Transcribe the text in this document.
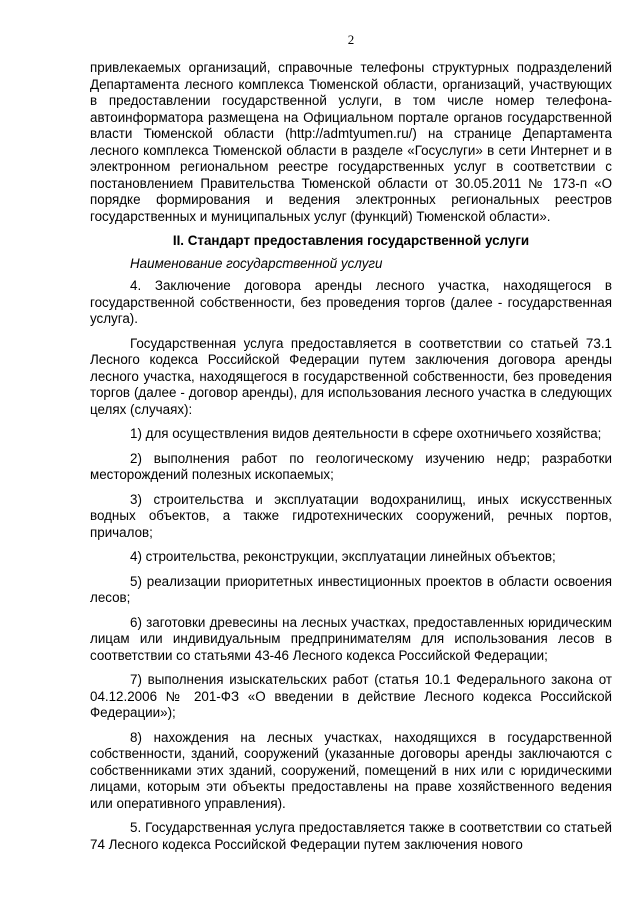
2

привлекаемых организаций, справочные телефоны структурных подразделений Департамента лесного комплекса Тюменской области, организаций, участвующих в предоставлении государственной услуги, в том числе номер телефона-автоинформатора размещена на Официальном портале органов государственной власти Тюменской области (http://admtyumen.ru/) на странице Департамента лесного комплекса Тюменской области в разделе «Госуслуги» в сети Интернет и в электронном региональном реестре государственных услуг в соответствии с постановлением Правительства Тюменской области от 30.05.2011 № 173-п «О порядке формирования и ведения электронных региональных реестров государственных и муниципальных услуг (функций) Тюменской области».

II. Стандарт предоставления государственной услуги
Наименование государственной услуги

4. Заключение договора аренды лесного участка, находящегося в государственной собственности, без проведения торгов (далее - государственная услуга).

Государственная услуга предоставляется в соответствии со статьей 73.1 Лесного кодекса Российской Федерации путем заключения договора аренды лесного участка, находящегося в государственной собственности, без проведения торгов (далее - договор аренды), для использования лесного участка в следующих целях (случаях):

1) для осуществления видов деятельности в сфере охотничьего хозяйства;

2) выполнения работ по геологическому изучению недр; разработки месторождений полезных ископаемых;

3) строительства и эксплуатации водохранилищ, иных искусственных водных объектов, а также гидротехнических сооружений, речных портов, причалов;

4) строительства, реконструкции, эксплуатации линейных объектов;

5) реализации приоритетных инвестиционных проектов в области освоения лесов;

6) заготовки древесины на лесных участках, предоставленных юридическим лицам или индивидуальным предпринимателям для использования лесов в соответствии со статьями 43-46 Лесного кодекса Российской Федерации;

7) выполнения изыскательских работ (статья 10.1 Федерального закона от 04.12.2006 № 201-ФЗ «О введении в действие Лесного кодекса Российской Федерации»);

8) нахождения на лесных участках, находящихся в государственной собственности, зданий, сооружений (указанные договоры аренды заключаются с собственниками этих зданий, сооружений, помещений в них или с юридическими лицами, которым эти объекты предоставлены на праве хозяйственного ведения или оперативного управления).

5. Государственная услуга предоставляется также в соответствии со статьей 74 Лесного кодекса Российской Федерации путем заключения нового
